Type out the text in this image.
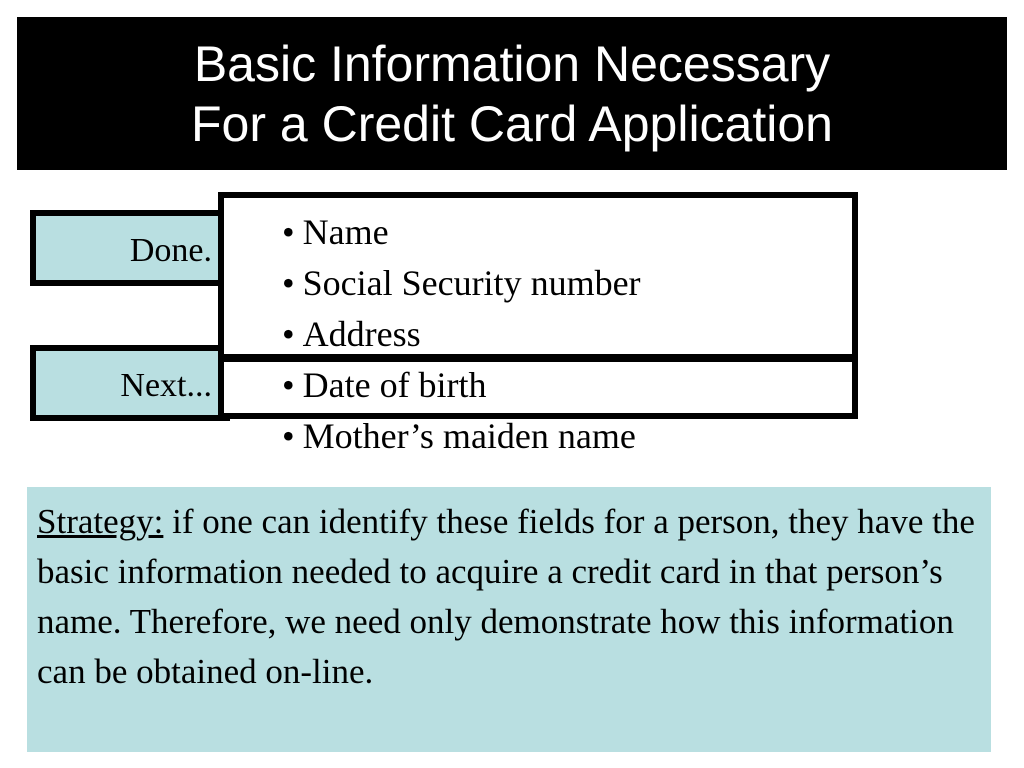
Basic Information Necessary
For a Credit Card Application
Done.
Next...
• Name
• Social Security number
• Address
• Date of birth
• Mother’s maiden name
Strategy: if one can identify these fields for a person, they have the basic information needed to acquire a credit card in that person’s name. Therefore, we need only demonstrate how this information can be obtained on-line.
